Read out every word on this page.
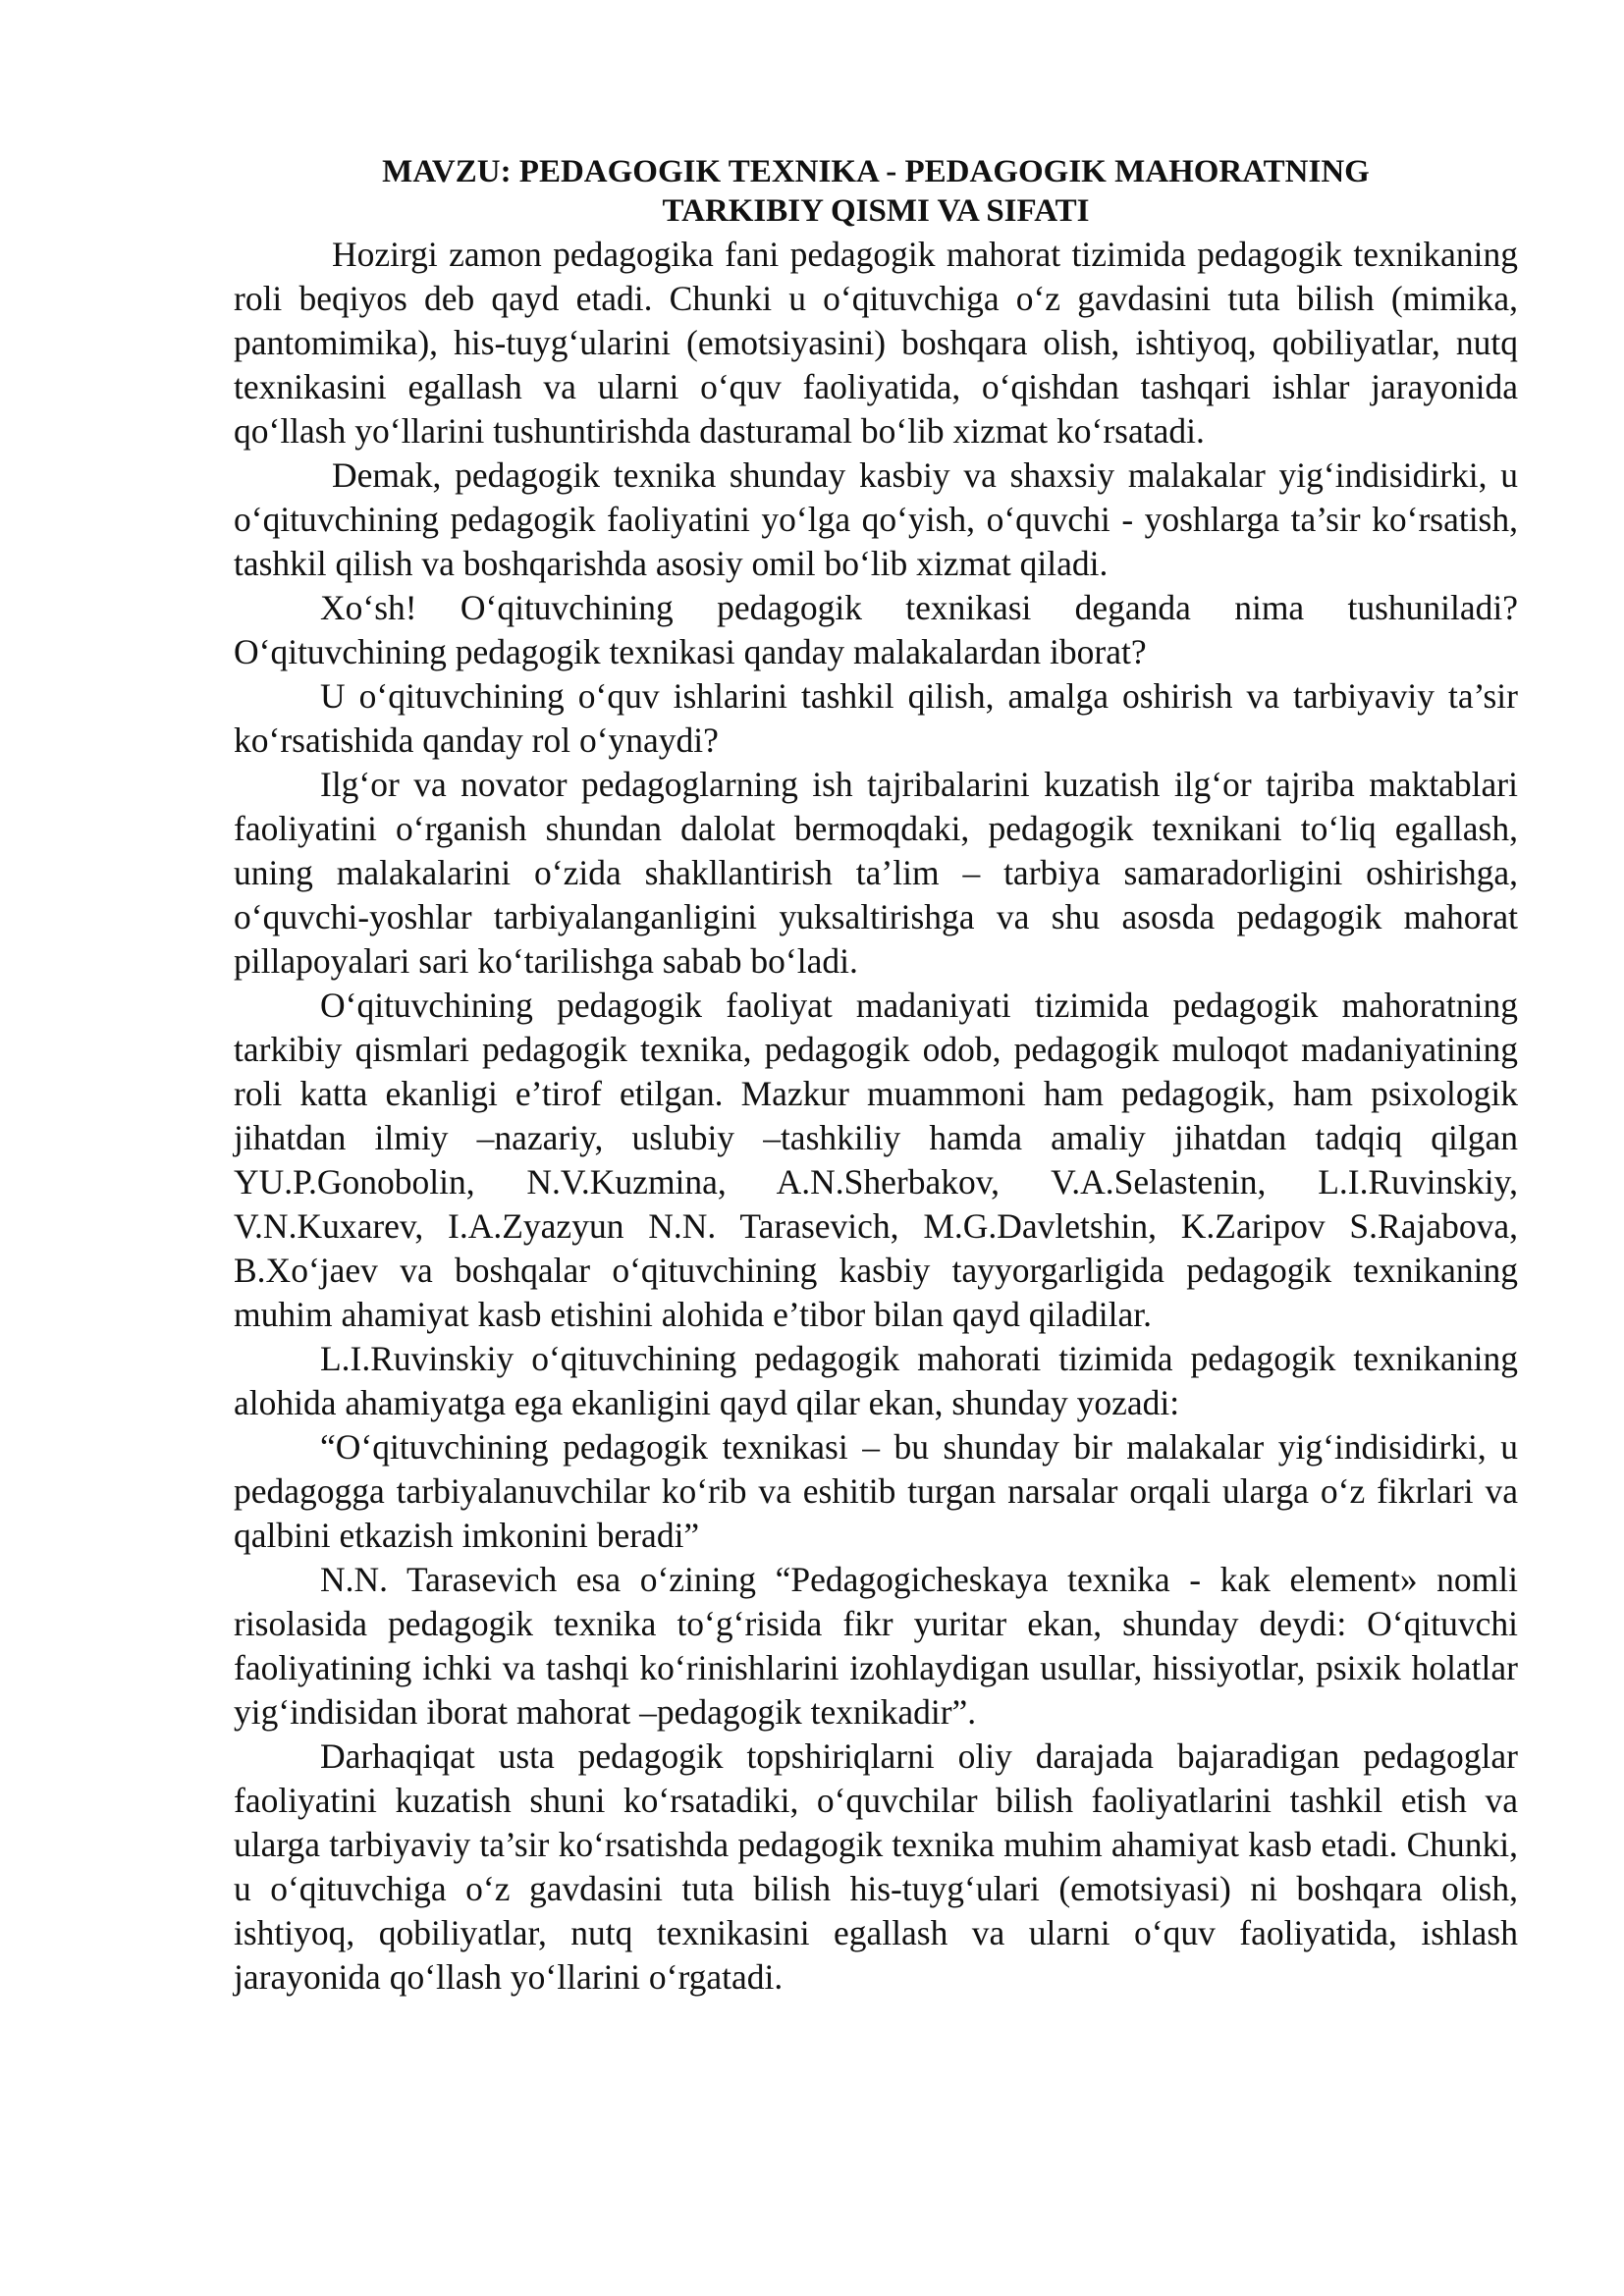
MAVZU: PEDAGOGIK TEXNIKA - PEDAGOGIK MAHORATNING
TARKIBIY QISMI VA SIFATI

Hozirgi zamon pedagogika fani pedagogik mahorat tizimida pedagogik texnikaning roli beqiyos deb qayd etadi. Chunki u o‘qituvchiga o‘z gavdasini tuta bilish (mimika, pantomimika), his-tuyg‘ularini (emotsiyasini) boshqara olish, ishtiyoq, qobiliyatlar, nutq texnikasini egallash va ularni o‘quv faoliyatida, o‘qishdan tashqari ishlar jarayonida qo‘llash yo‘llarini tushuntirishda dasturamal bo‘lib xizmat ko‘rsatadi.

Demak, pedagogik texnika shunday kasbiy va shaxsiy malakalar yig‘indisidirki, u o‘qituvchining pedagogik faoliyatini yo‘lga qo‘yish, o‘quvchi - yoshlarga ta’sir ko‘rsatish, tashkil qilish va boshqarishda asosiy omil bo‘lib xizmat qiladi.

Xo‘sh! O‘qituvchining pedagogik texnikasi deganda nima tushuniladi? O‘qituvchining pedagogik texnikasi qanday malakalardan iborat?

U o‘qituvchining o‘quv ishlarini tashkil qilish, amalga oshirish va tarbiyaviy ta’sir ko‘rsatishida qanday rol o‘ynaydi?

Ilg‘or va novator pedagoglarning ish tajribalarini kuzatish ilg‘or tajriba maktablari faoliyatini o‘rganish shundan dalolat bermoqdaki, pedagogik texnikani to‘liq egallash, uning malakalarini o‘zida shakllantirish ta’lim – tarbiya samaradorligini oshirishga, o‘quvchi-yoshlar tarbiyalanganligini yuksaltirishga va shu asosda pedagogik mahorat pillapoyalari sari ko‘tarilishga sabab bo‘ladi.

O‘qituvchining pedagogik faoliyat madaniyati tizimida pedagogik mahoratning tarkibiy qismlari pedagogik texnika, pedagogik odob, pedagogik muloqot madaniyatining roli katta ekanligi e’tirof etilgan. Mazkur muammoni ham pedagogik, ham psixologik jihatdan ilmiy –nazariy, uslubiy –tashkiliy hamda amaliy jihatdan tadqiq qilgan YU.P.Gonobolin, N.V.Kuzmina, A.N.Sherbakov, V.A.Selastenin, L.I.Ruvinskiy, V.N.Kuxarev, I.A.Zyazyun N.N. Tarasevich, M.G.Davletshin, K.Zaripov S.Rajabova, B.Xo‘jaev va boshqalar o‘qituvchining kasbiy tayyorgarligida pedagogik texnikaning muhim ahamiyat kasb etishini alohida e’tibor bilan qayd qiladilar.

L.I.Ruvinskiy o‘qituvchining pedagogik mahorati tizimida pedagogik texnikaning alohida ahamiyatga ega ekanligini qayd qilar ekan, shunday yozadi:

“O‘qituvchining pedagogik texnikasi – bu shunday bir malakalar yig‘indisidirki, u pedagogga tarbiyalanuvchilar ko‘rib va eshitib turgan narsalar orqali ularga o‘z fikrlari va qalbini etkazish imkonini beradi”

N.N. Tarasevich esa o‘zining “Pedagogicheskaya texnika - kak element» nomli risolasida pedagogik texnika to‘g‘risida fikr yuritar ekan, shunday deydi: O‘qituvchi faoliyatining ichki va tashqi ko‘rinishlarini izohlaydigan usullar, hissiyotlar, psixik holatlar yig‘indisidan iborat mahorat –pedagogik texnikadir”.

Darhaqiqat usta pedagogik topshiriqlarni oliy darajada bajaradigan pedagoglar faoliyatini kuzatish shuni ko‘rsatadiki, o‘quvchilar bilish faoliyatlarini tashkil etish va ularga tarbiyaviy ta’sir ko‘rsatishda pedagogik texnika muhim ahamiyat kasb etadi. Chunki, u o‘qituvchiga o‘z gavdasini tuta bilish his-tuyg‘ulari (emotsiyasi) ni boshqara olish, ishtiyoq, qobiliyatlar, nutq texnikasini egallash va ularni o‘quv faoliyatida, ishlash jarayonida qo‘llash yo‘llarini o‘rgatadi.
